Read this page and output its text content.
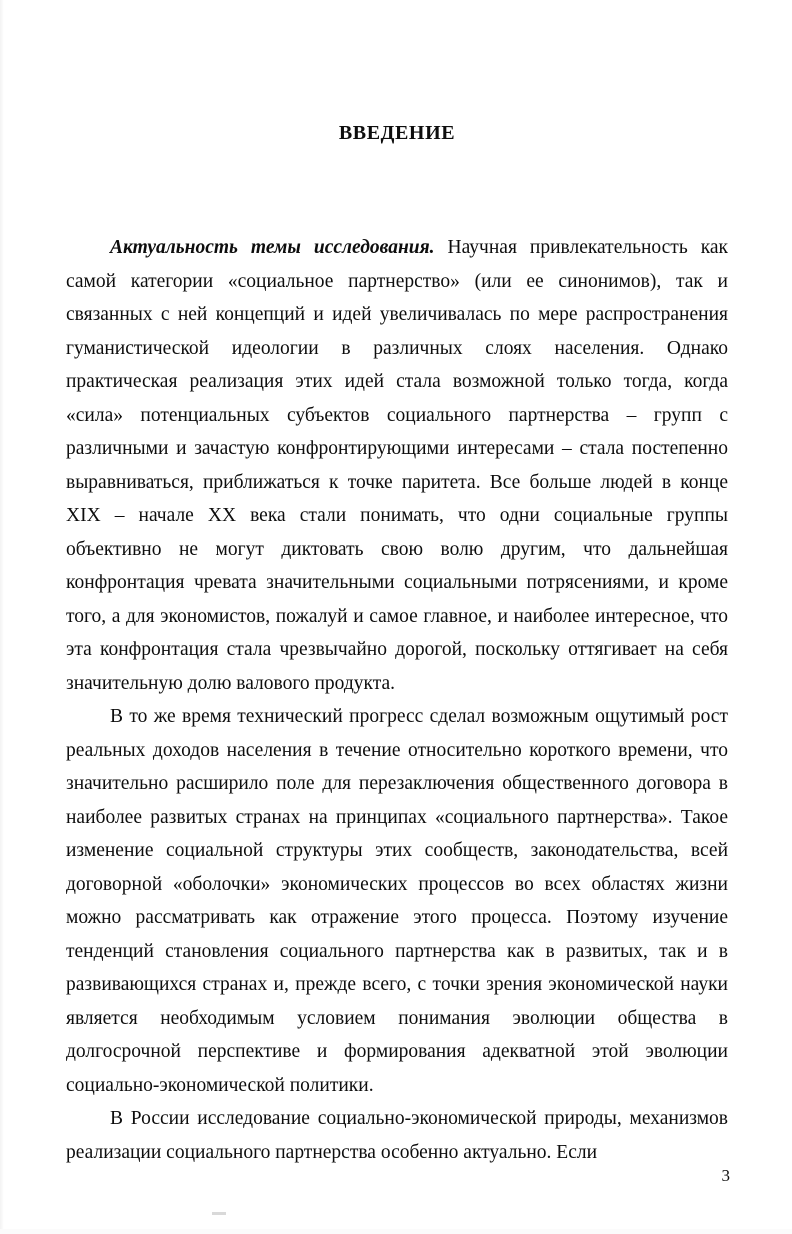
ВВЕДЕНИЕ

Актуальность темы исследования. Научная привлекательность как самой категории «социальное партнерство» (или ее синонимов), так и связанных с ней концепций и идей увеличивалась по мере распространения гуманистической идеологии в различных слоях населения. Однако практическая реализация этих идей стала возможной только тогда, когда «сила» потенциальных субъектов социального партнерства – групп с различными и зачастую конфронтирующими интересами – стала постепенно выравниваться, приближаться к точке паритета. Все больше людей в конце XIX – начале XX века стали понимать, что одни социальные группы объективно не могут диктовать свою волю другим, что дальнейшая конфронтация чревата значительными социальными потрясениями, и кроме того, а для экономистов, пожалуй и самое главное, и наиболее интересное, что эта конфронтация стала чрезвычайно дорогой, поскольку оттягивает на себя значительную долю валового продукта.

В то же время технический прогресс сделал возможным ощутимый рост реальных доходов населения в течение относительно короткого времени, что значительно расширило поле для перезаключения общественного договора в наиболее развитых странах на принципах «социального партнерства». Такое изменение социальной структуры этих сообществ, законодательства, всей договорной «оболочки» экономических процессов во всех областях жизни можно рассматривать как отражение этого процесса. Поэтому изучение тенденций становления социального партнерства как в развитых, так и в развивающихся странах и, прежде всего, с точки зрения экономической науки является необходимым условием понимания эволюции общества в долгосрочной перспективе и формирования адекватной этой эволюции социально-экономической политики.

В России исследование социально-экономической природы, механизмов реализации социального партнерства особенно актуально. Если

3
